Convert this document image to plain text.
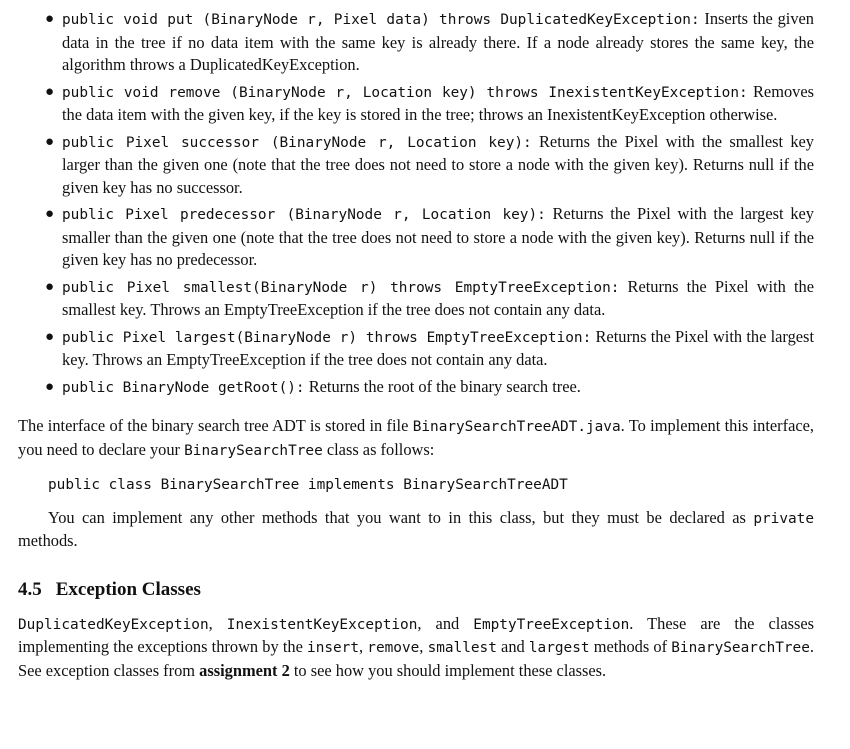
● public void put (BinaryNode r, Pixel data) throws DuplicatedKeyException: Inserts the given data in the tree if no data item with the same key is already there. If a node already stores the same key, the algorithm throws a DuplicatedKeyException.
● public void remove (BinaryNode r, Location key) throws InexistentKeyException: Removes the data item with the given key, if the key is stored in the tree; throws an InexistentKeyException otherwise.
● public Pixel successor (BinaryNode r, Location key): Returns the Pixel with the smallest key larger than the given one (note that the tree does not need to store a node with the given key). Returns null if the given key has no successor.
● public Pixel predecessor (BinaryNode r, Location key): Returns the Pixel with the largest key smaller than the given one (note that the tree does not need to store a node with the given key). Returns null if the given key has no predecessor.
● public Pixel smallest(BinaryNode r) throws EmptyTreeException: Returns the Pixel with the smallest key. Throws an EmptyTreeException if the tree does not contain any data.
● public Pixel largest(BinaryNode r) throws EmptyTreeException: Returns the Pixel with the largest key. Throws an EmptyTreeException if the tree does not contain any data.
● public BinaryNode getRoot(): Returns the root of the binary search tree.

The interface of the binary search tree ADT is stored in file BinarySearchTreeADT.java. To implement this interface, you need to declare your BinarySearchTree class as follows:

public class BinarySearchTree implements BinarySearchTreeADT

You can implement any other methods that you want to in this class, but they must be declared as private methods.

4.5 Exception Classes

DuplicatedKeyException, InexistentKeyException, and EmptyTreeException. These are the classes implementing the exceptions thrown by the insert, remove, smallest and largest methods of BinarySearchTree. See exception classes from assignment 2 to see how you should implement these classes.
